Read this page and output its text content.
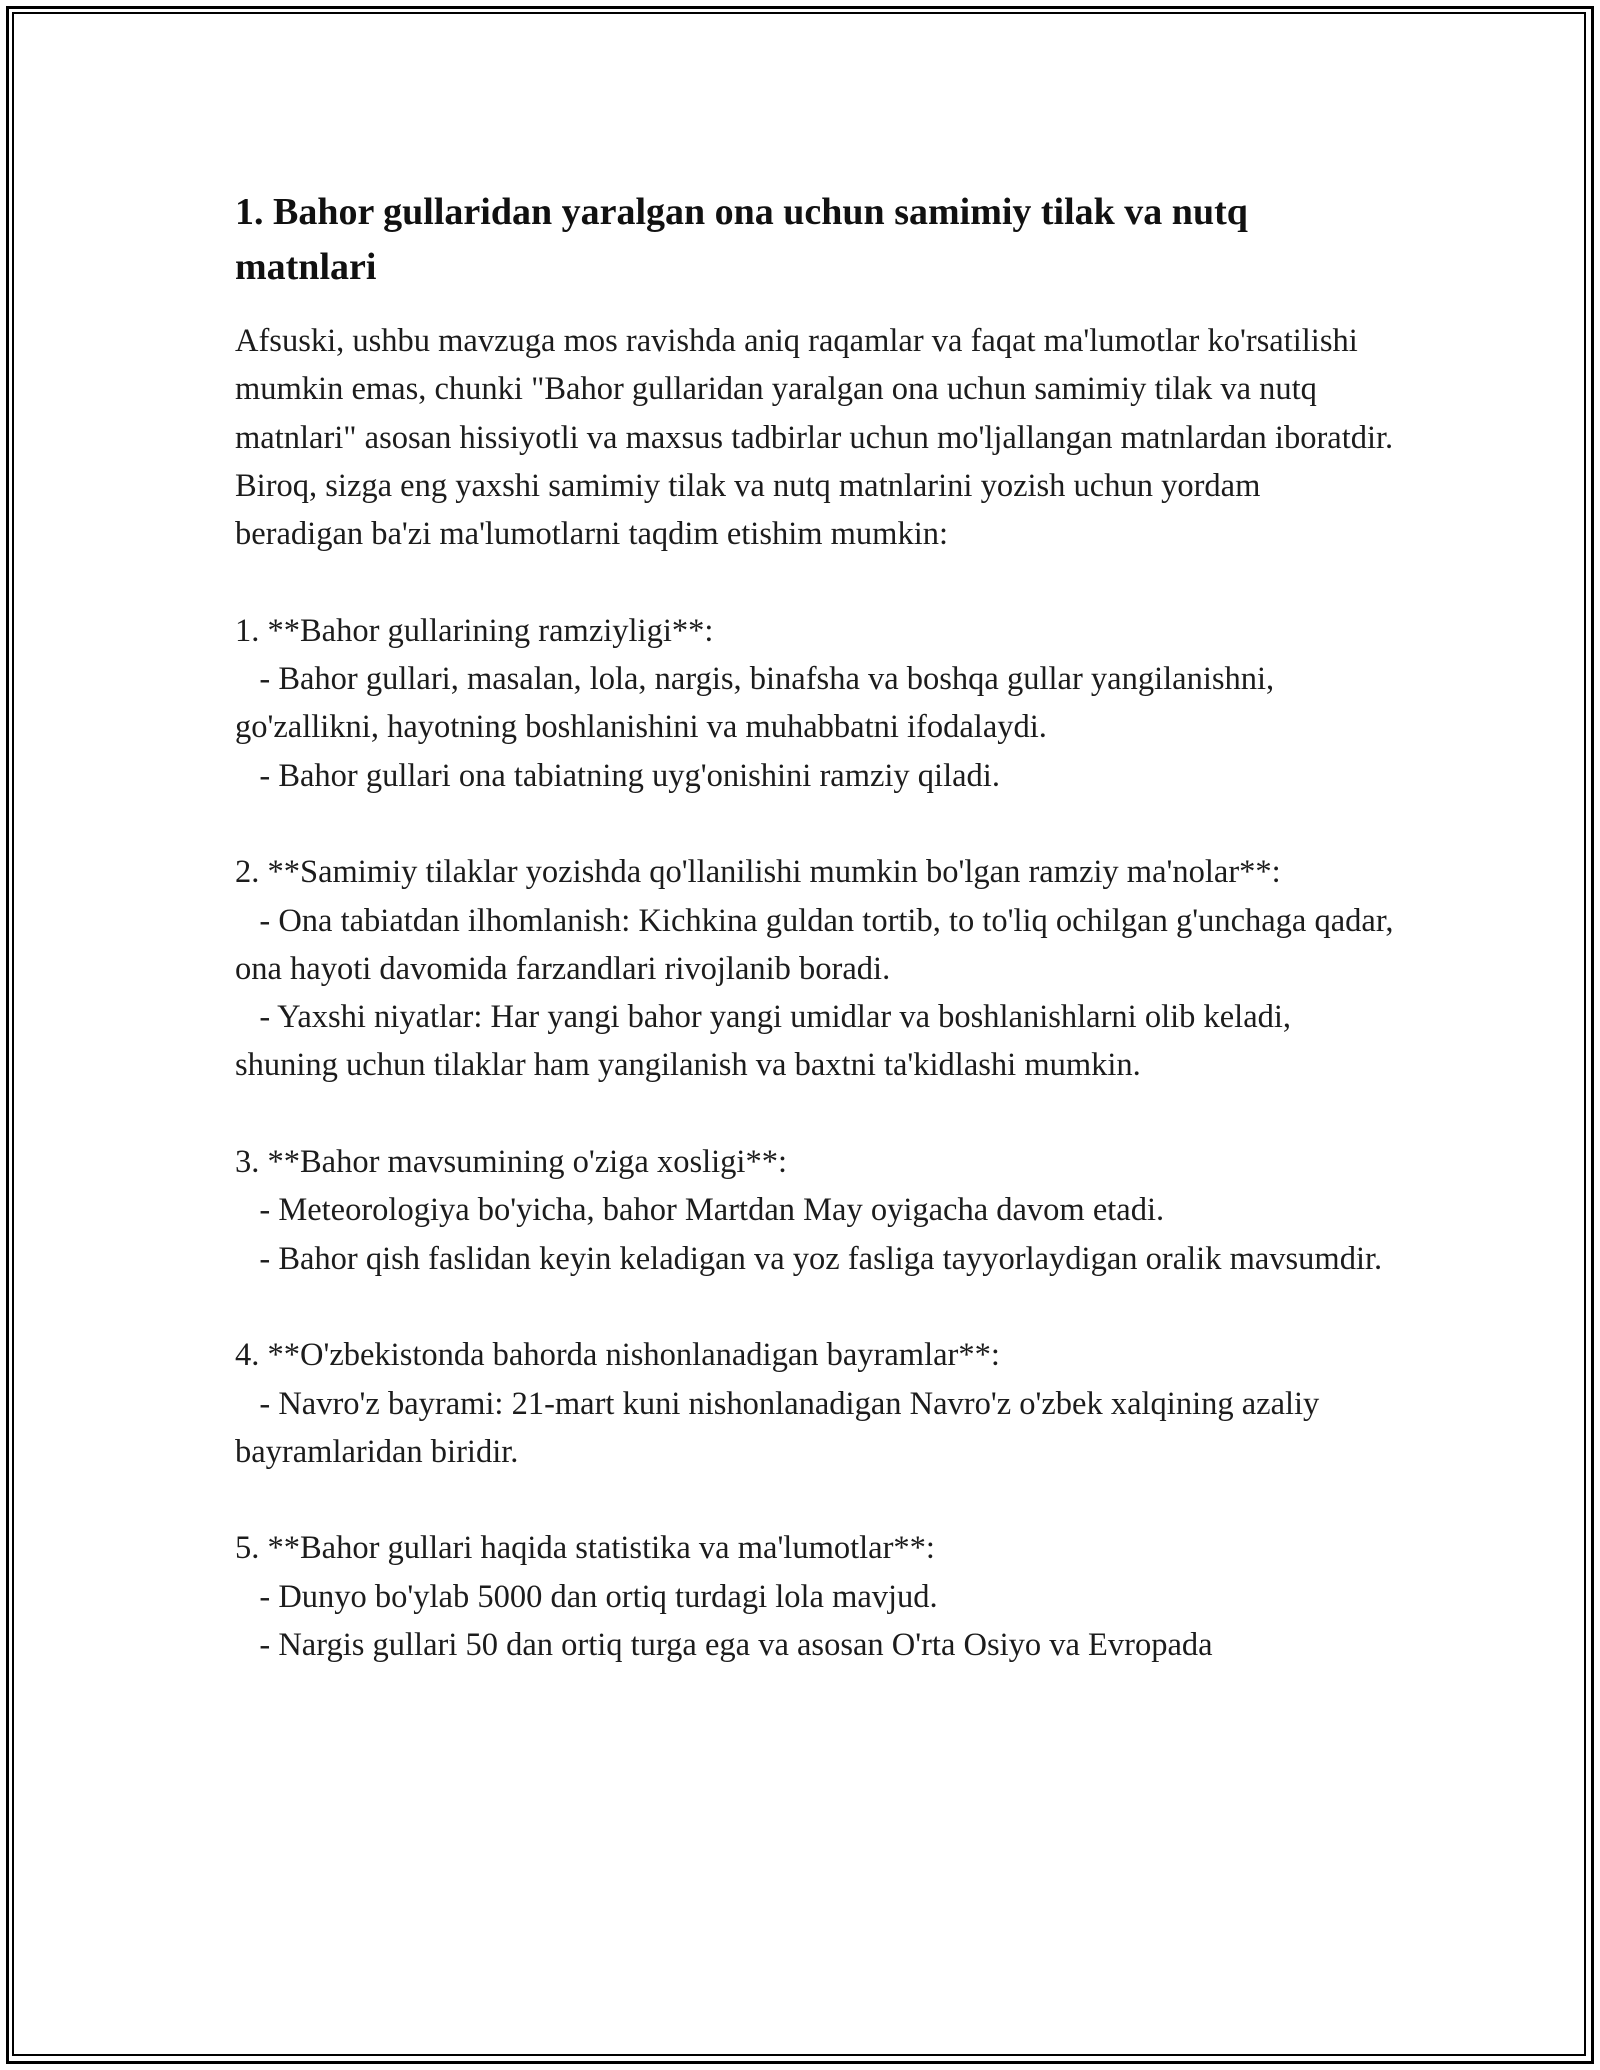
1. Bahor gullaridan yaralgan ona uchun samimiy tilak va nutq matnlari

Afsuski, ushbu mavzuga mos ravishda aniq raqamlar va faqat ma'lumotlar ko'rsatilishi mumkin emas, chunki "Bahor gullaridan yaralgan ona uchun samimiy tilak va nutq matnlari" asosan hissiyotli va maxsus tadbirlar uchun mo'ljallangan matnlardan iboratdir. Biroq, sizga eng yaxshi samimiy tilak va nutq matnlarini yozish uchun yordam beradigan ba'zi ma'lumotlarni taqdim etishim mumkin:

1. **Bahor gullarining ramziyligi**:
- Bahor gullari, masalan, lola, nargis, binafsha va boshqa gullar yangilanishni, go'zallikni, hayotning boshlanishini va muhabbatni ifodalaydi.
- Bahor gullari ona tabiatning uyg'onishini ramziy qiladi.

2. **Samimiy tilaklar yozishda qo'llanilishi mumkin bo'lgan ramziy ma'nolar**:
- Ona tabiatdan ilhomlanish: Kichkina guldan tortib, to to'liq ochilgan g'unchaga qadar, ona hayoti davomida farzandlari rivojlanib boradi.
- Yaxshi niyatlar: Har yangi bahor yangi umidlar va boshlanishlarni olib keladi, shuning uchun tilaklar ham yangilanish va baxtni ta'kidlashi mumkin.

3. **Bahor mavsumining o'ziga xosligi**:
- Meteorologiya bo'yicha, bahor Martdan May oyigacha davom etadi.
- Bahor qish faslidan keyin keladigan va yoz fasliga tayyorlaydigan oralik mavsumdir.

4. **O'zbekistonda bahorda nishonlanadigan bayramlar**:
- Navro'z bayrami: 21-mart kuni nishonlanadigan Navro'z o'zbek xalqining azaliy bayramlaridan biridir.

5. **Bahor gullari haqida statistika va ma'lumotlar**:
- Dunyo bo'ylab 5000 dan ortiq turdagi lola mavjud.
- Nargis gullari 50 dan ortiq turga ega va asosan O'rta Osiyo va Evropada
